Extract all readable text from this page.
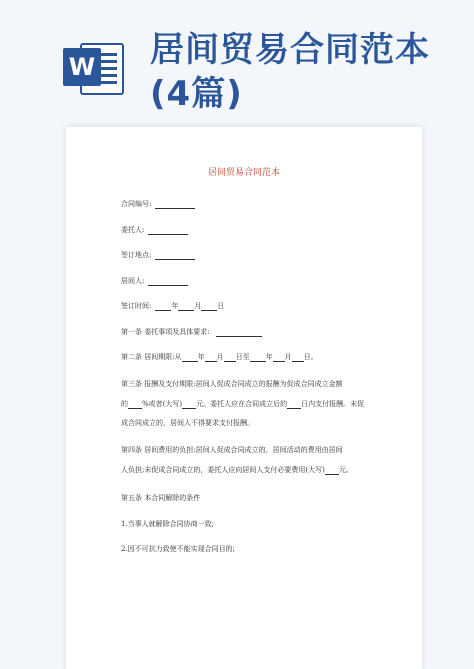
W 居间贸易合同范本(4篇)

居间贸易合同范本

合同编号:

委托人:

签订地点:

居间人:

签订时间:	年 月 日

第一条 委托事项及具体要求:

第二条 居间期限:从 年 月 日至 年 月 日。

第三条 报酬及支付期限:居间人促成合同成立的报酬为促成合同成立金额

的 %或者(大写) 元。委托人应在合同成立后的 日内支付报酬。未促

成合同成立的，居间人不得要求支付报酬。

第四条 居间费用的负担:居间人促成合同成立的，居间活动的费用由居间

人负担;未促成合同成立的，委托人应向居间人支付必要费用(大写) 元。

第五条 本合同解除的条件

1.当事人就解除合同协商一致;

2.因不可抗力致使不能实现合同目的;
